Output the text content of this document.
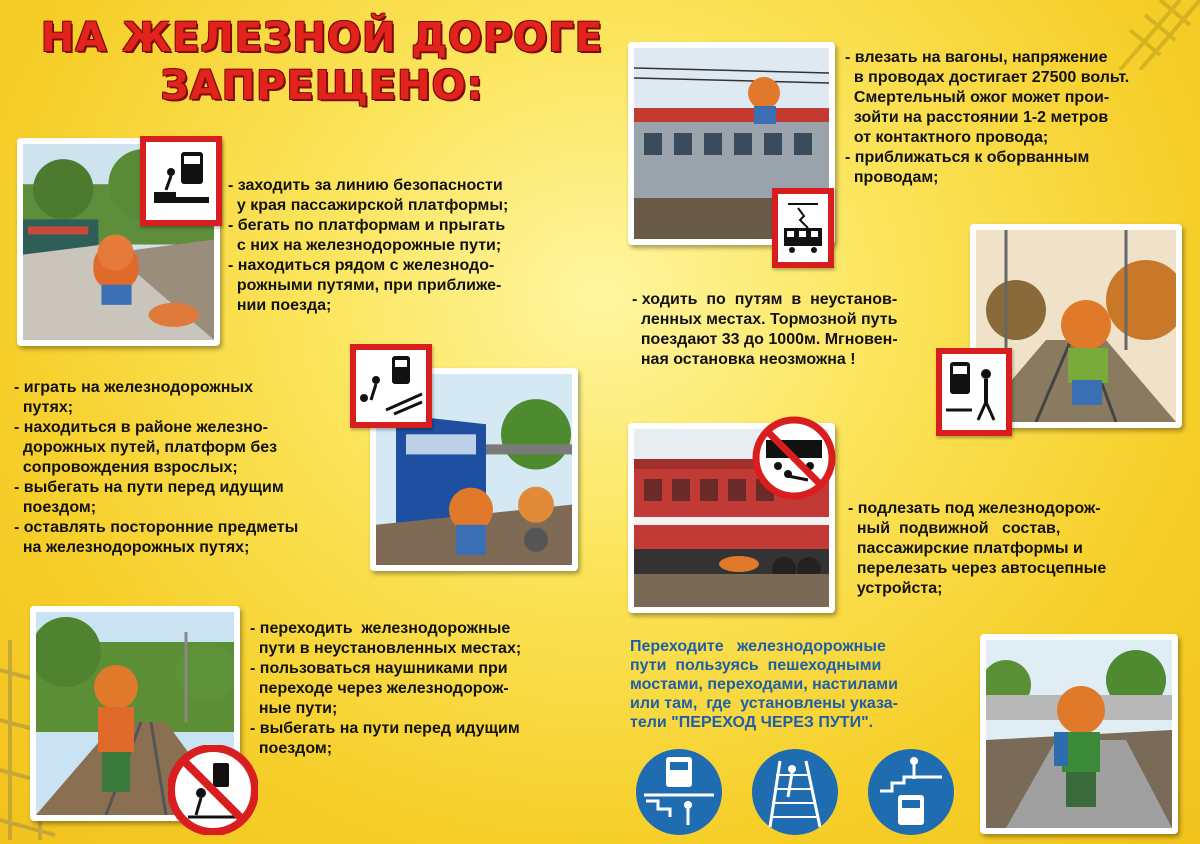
НА ЖЕЛЕЗНОЙ ДОРОГЕ
ЗАПРЕЩЕНО:
- заходить за линию безопасности
у края пассажирской платформы;
- бегать по платформам и прыгать
с них на железнодорожные пути;
- находиться рядом с железнодо-
рожными путями, при приближе-
нии поезда;
- играть на железнодорожных
путях;
- находиться в районе железно-
дорожных путей, платформ без
сопровождения взрослых;
- выбегать на пути перед идущим
поездом;
- оставлять посторонние предметы
на железнодорожных путях;
- переходить  железнодорожные
пути в неустановленных местах;
- пользоваться наушниками при
переходе через железнодорож-
ные пути;
- выбегать на пути перед идущим
поездом;
- влезать на вагоны, напряжение
в проводах достигает 27500 вольт.
Смертельный ожог может прои-
зойти на расстоянии 1-2 метров
от контактного провода;
- приближаться к оборванным
проводам;
- ходить  по  путям  в  неустанов-
ленных местах. Тормозной путь
поездают 33 до 1000м. Мгновен-
ная остановка неозможна !
- подлезать под железнодорож-
ный  подвижной   состав,
пассажирские платформы и
перелезать через автосцепные
устройста;
Переходите   железнодорожные
пути  пользуясь  пешеходными
мостами, переходами, настилами
или там,  где  установлены указа-
тели "ПЕРЕХОД ЧЕРЕЗ ПУТИ".
